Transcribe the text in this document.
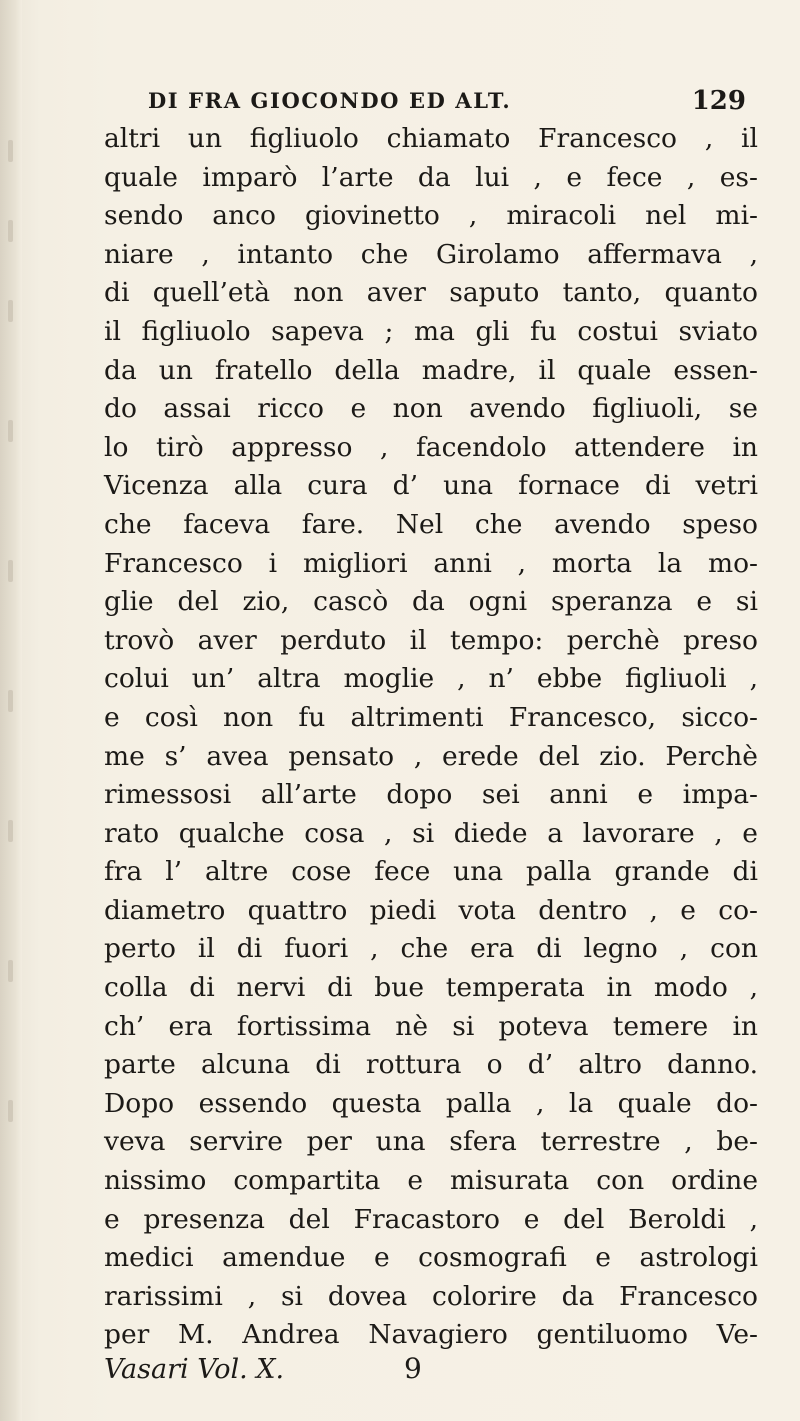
DI FRA GIOCONDO ED ALT.	129
altri un figliuolo chiamato Francesco , il
quale imparò l’arte da lui , e fece , es-
sendo anco giovinetto , miracoli nel mi-
niare , intanto che Girolamo affermava ,
di quell’età non aver saputo tanto, quanto
il figliuolo sapeva ; ma gli fu costui sviato
da un fratello della madre, il quale essen-
do assai ricco e non avendo figliuoli, se
lo tirò appresso , facendolo attendere in
Vicenza alla cura d’ una fornace di vetri
che faceva fare. Nel che avendo speso
Francesco i migliori anni , morta la mo-
glie del zio, cascò da ogni speranza e si
trovò aver perduto il tempo: perchè preso
colui un’ altra moglie , n’ ebbe figliuoli ,
e così non fu altrimenti Francesco, sicco-
me s’ avea pensato , erede del zio. Perchè
rimessosi all’arte dopo sei anni e impa-
rato qualche cosa , si diede a lavorare , e
fra l’ altre cose fece una palla grande di
diametro quattro piedi vota dentro , e co-
perto il di fuori , che era di legno , con
colla di nervi di bue temperata in modo ,
ch’ era fortissima nè si poteva temere in
parte alcuna di rottura o d’ altro danno.
Dopo essendo questa palla , la quale do-
veva servire per una sfera terrestre , be-
nissimo compartita e misurata con ordine
e presenza del Fracastoro e del Beroldi ,
medici amendue e cosmografi e astrologi
rarissimi , si dovea colorire da Francesco
per M. Andrea Navagiero gentiluomo Ve-
Vasari Vol. X.	9
